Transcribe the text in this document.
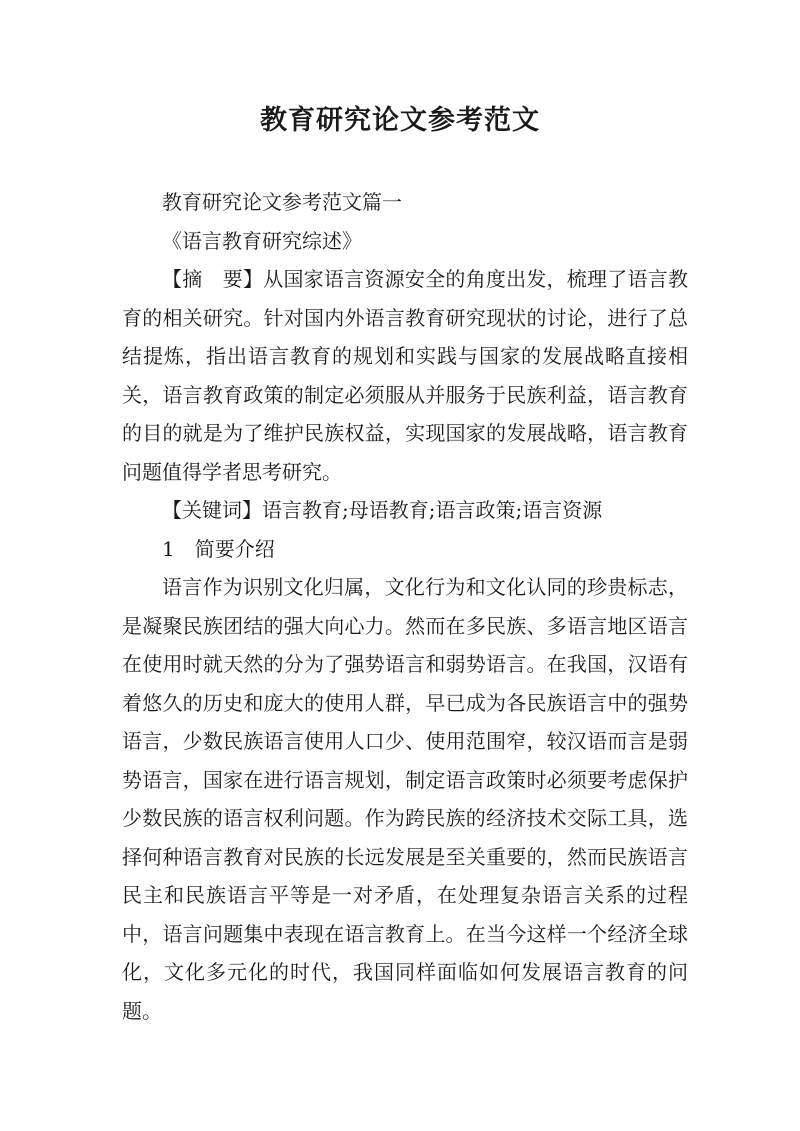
教育研究论文参考范文

教育研究论文参考范文篇一

《语言教育研究综述》

【摘　要】从国家语言资源安全的角度出发，梳理了语言教育的相关研究。针对国内外语言教育研究现状的讨论，进行了总结提炼，指出语言教育的规划和实践与国家的发展战略直接相关，语言教育政策的制定必须服从并服务于民族利益，语言教育的目的就是为了维护民族权益，实现国家的发展战略，语言教育问题值得学者思考研究。

【关键词】语言教育;母语教育;语言政策;语言资源

1　简要介绍

语言作为识别文化归属，文化行为和文化认同的珍贵标志，是凝聚民族团结的强大向心力。然而在多民族、多语言地区语言在使用时就天然的分为了强势语言和弱势语言。在我国，汉语有着悠久的历史和庞大的使用人群，早已成为各民族语言中的强势语言，少数民族语言使用人口少、使用范围窄，较汉语而言是弱势语言，国家在进行语言规划，制定语言政策时必须要考虑保护少数民族的语言权利问题。作为跨民族的经济技术交际工具，选择何种语言教育对民族的长远发展是至关重要的，然而民族语言民主和民族语言平等是一对矛盾，在处理复杂语言关系的过程中，语言问题集中表现在语言教育上。在当今这样一个经济全球化，文化多元化的时代，我国同样面临如何发展语言教育的问题。
